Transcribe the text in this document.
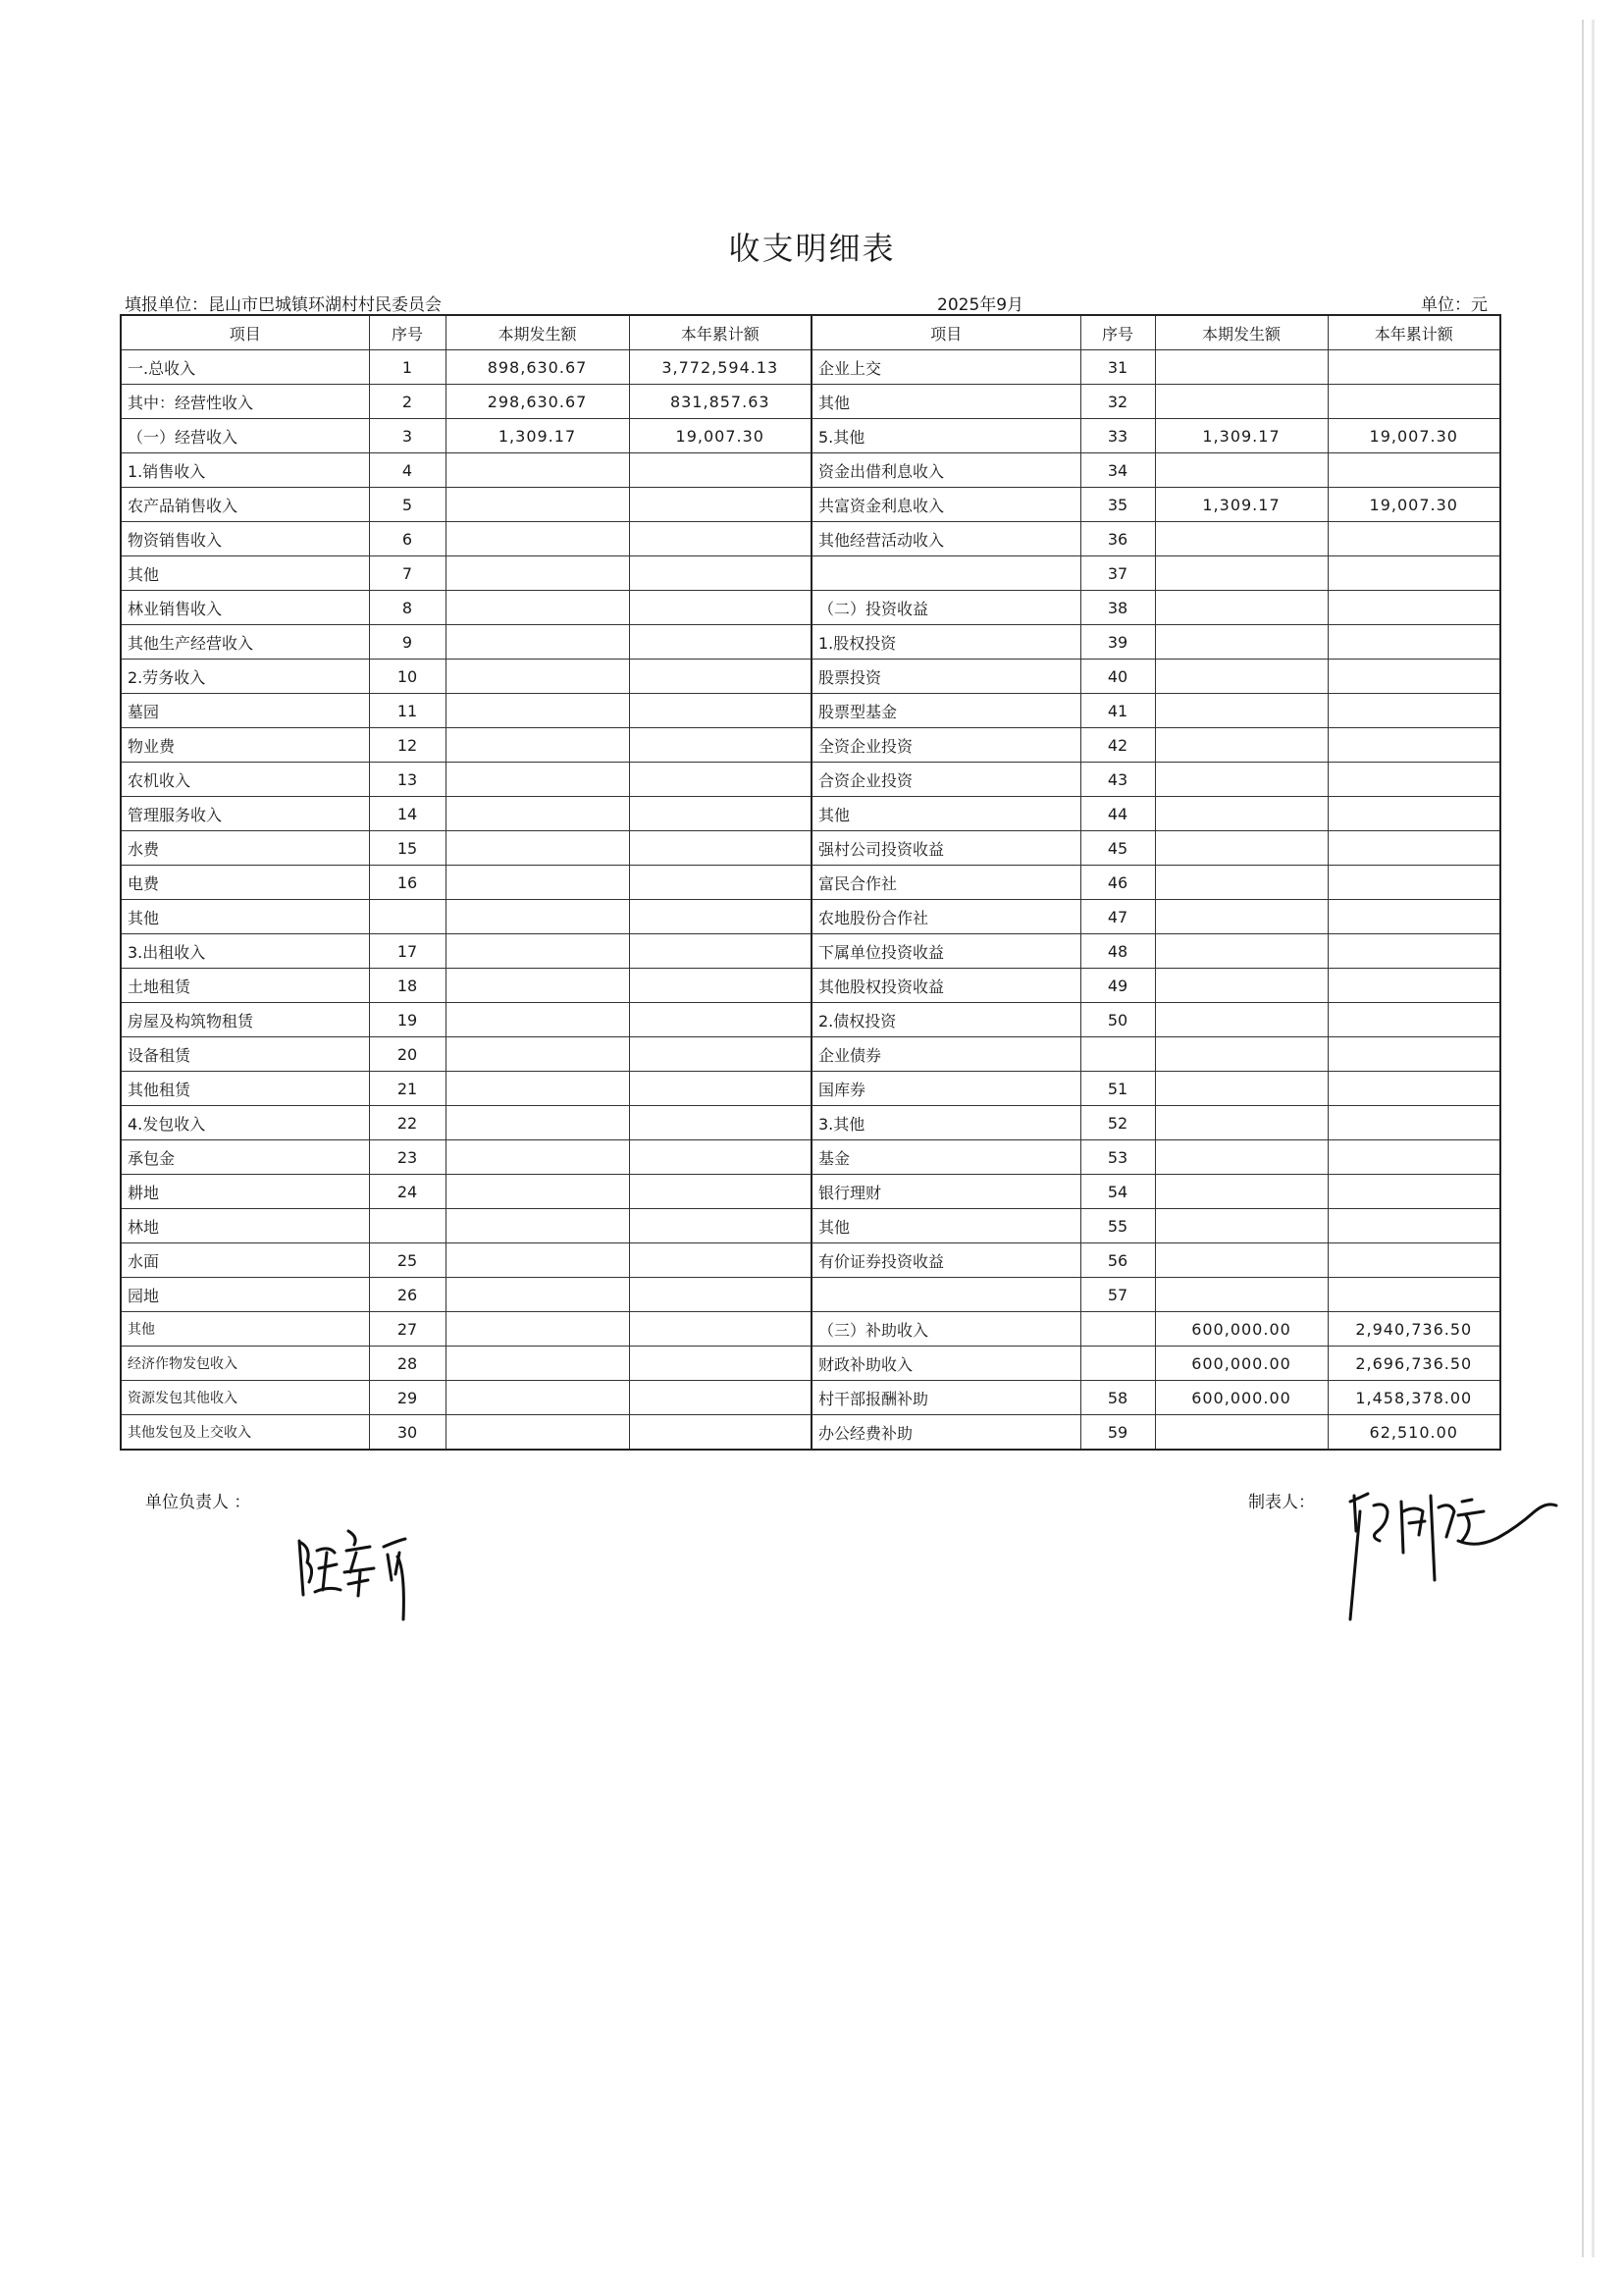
收支明细表
填报单位：昆山市巴城镇环湖村村民委员会	2025年9月	单位：元
项目	序号	本期发生额	本年累计额	项目	序号	本期发生额	本年累计额
一.总收入	1	898,630.67	3,772,594.13	企业上交	31		
其中：经营性收入	2	298,630.67	831,857.63	其他	32		
（一）经营收入	3	1,309.17	19,007.30	5.其他	33	1,309.17	19,007.30
1.销售收入	4			资金出借利息收入	34		
农产品销售收入	5			共富资金利息收入	35	1,309.17	19,007.30
物资销售收入	6			其他经营活动收入	36		
其他	7				37		
林业销售收入	8			（二）投资收益	38		
其他生产经营收入	9			1.股权投资	39		
2.劳务收入	10			股票投资	40		
墓园	11			股票型基金	41		
物业费	12			全资企业投资	42		
农机收入	13			合资企业投资	43		
管理服务收入	14			其他	44		
水费	15			强村公司投资收益	45		
电费	16			富民合作社	46		
其他				农地股份合作社	47		
3.出租收入	17			下属单位投资收益	48		
土地租赁	18			其他股权投资收益	49		
房屋及构筑物租赁	19			2.债权投资	50		
设备租赁	20			企业债券			
其他租赁	21			国库券	51		
4.发包收入	22			3.其他	52		
承包金	23			基金	53		
耕地	24			银行理财	54		
林地				其他	55		
水面	25			有价证券投资收益	56		
园地	26				57		
其他	27			（三）补助收入		600,000.00	2,940,736.50
经济作物发包收入	28			财政补助收入		600,000.00	2,696,736.50
资源发包其他收入	29			村干部报酬补助	58	600,000.00	1,458,378.00
其他发包及上交收入	30			办公经费补助	59		62,510.00
单位负责人 ：	制表人：
